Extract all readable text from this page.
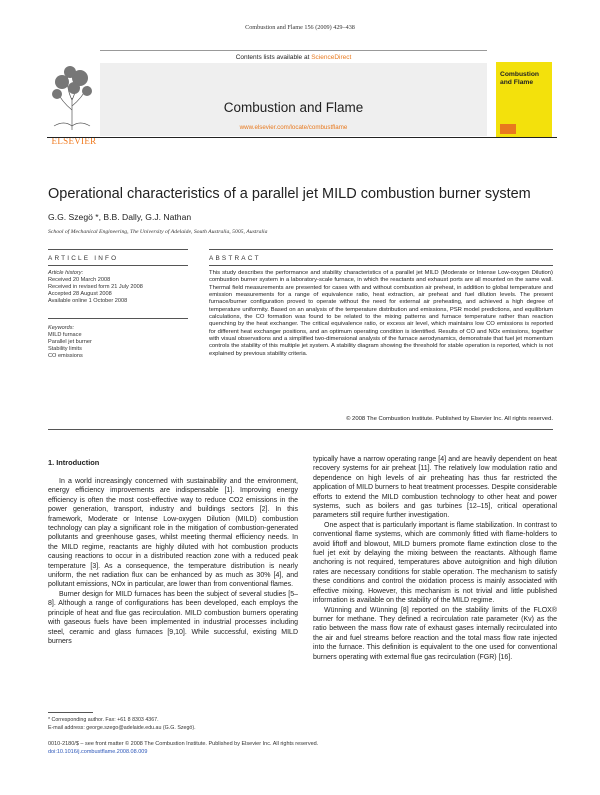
Combustion and Flame 156 (2009) 429–438
Contents lists available at ScienceDirect
Combustion and Flame
www.elsevier.com/locate/combustflame
ELSEVIER
Combustion
and Flame
Operational characteristics of a parallel jet MILD combustion burner system
G.G. Szegö *, B.B. Dally, G.J. Nathan
School of Mechanical Engineering, The University of Adelaide, South Australia, 5005, Australia
ARTICLE INFO	ABSTRACT
Article history:
Received 20 March 2008
Received in revised form 21 July 2008
Accepted 28 August 2008
Available online 1 October 2008
Keywords:
MILD furnace
Parallel jet burner
Stability limits
CO emissions
This study describes the performance and stability characteristics of a parallel jet MILD (Moderate or Intense Low-oxygen Dilution) combustion burner system in a laboratory-scale furnace, in which the reactants and exhaust ports are all mounted on the same wall. Thermal field measurements are presented for cases with and without combustion air preheat, in addition to global temperature and emission measurements for a range of equivalence ratio, heat extraction, air preheat and fuel dilution levels. The present furnace/burner configuration proved to operate without the need for external air preheating, and achieved a high degree of temperature uniformity. Based on an analysis of the temperature distribution and emissions, PSR model predictions, and equilibrium calculations, the CO formation was found to be related to the mixing patterns and furnace temperature rather than reaction quenching by the heat exchanger. The critical equivalence ratio, or excess air level, which maintains low CO emissions is reported for different heat exchanger positions, and an optimum operating condition is identified. Results of CO and NOx emissions, together with visual observations and a simplified two-dimensional analysis of the furnace aerodynamics, demonstrate that fuel jet momentum controls the stability of this multiple jet system. A stability diagram showing the threshold for stable operation is reported, which is not explained by previous stability criteria.
© 2008 The Combustion Institute. Published by Elsevier Inc. All rights reserved.
1. Introduction

In a world increasingly concerned with sustainability and the environment, energy efficiency improvements are indispensable [1]. Improving energy efficiency is often the most cost-effective way to reduce CO2 emissions in the power generation, transport, industry and buildings sectors [2]. In this framework, Moderate or Intense Low-oxygen Dilution (MILD) combustion technology can play a significant role in the mitigation of combustion-generated pollutants and greenhouse gases, whilst meeting thermal efficiency needs. In the MILD regime, reactants are highly diluted with hot combustion products causing reactions to occur in a distributed reaction zone with a reduced peak temperature [3]. As a consequence, the temperature distribution is nearly uniform, the net radiation flux can be enhanced by as much as 30% [4], and pollutant emissions, NOx in particular, are lower than from conventional flames.

Burner design for MILD furnaces has been the subject of several studies [5–8]. Although a range of configurations has been developed, each employs the principle of heat and flue gas recirculation. MILD combustion burners operating with gaseous fuels have been implemented in industrial processes including steel, ceramic and glass furnaces [9,10]. While successful, existing MILD burners

typically have a narrow operating range [4] and are heavily dependent on heat recovery systems for air preheat [11]. The relatively low modulation ratio and dependence on high levels of air preheating has thus far restricted the application of MILD burners to heat treatment processes. Despite considerable efforts to extend the MILD combustion technology to other heat and power systems, such as boilers and gas turbines [12–15], critical operational parameters still require further investigation.

One aspect that is particularly important is flame stabilization. In contrast to conventional flame systems, which are commonly fitted with flame-holders to avoid liftoff and blowout, MILD burners promote flame extinction close to the fuel jet exit by delaying the mixing between the reactants. Although flame anchoring is not required, temperatures above autoignition and high dilution rates are necessary conditions for stable operation. The mechanism to satisfy these conditions and control the oxidation process is mainly associated with effective mixing. However, this mechanism is not trivial and little published information is available on the stability of the MILD regime.

Wünning and Wünning [8] reported on the stability limits of the FLOX® burner for methane. They defined a recirculation rate parameter (Kv) as the ratio between the mass flow rate of exhaust gases internally recirculated into the air and fuel streams before reaction and the total mass flow rate injected into the furnace. This definition is equivalent to the one used for conventional burners operating with external flue gas recirculation (FGR) [16].

* Corresponding author. Fax: +61 8 8303 4367.
E-mail address: george.szego@adelaide.edu.au (G.G. Szegö).
0010-2180/$ – see front matter © 2008 The Combustion Institute. Published by Elsevier Inc. All rights reserved.
doi:10.1016/j.combustflame.2008.08.009
